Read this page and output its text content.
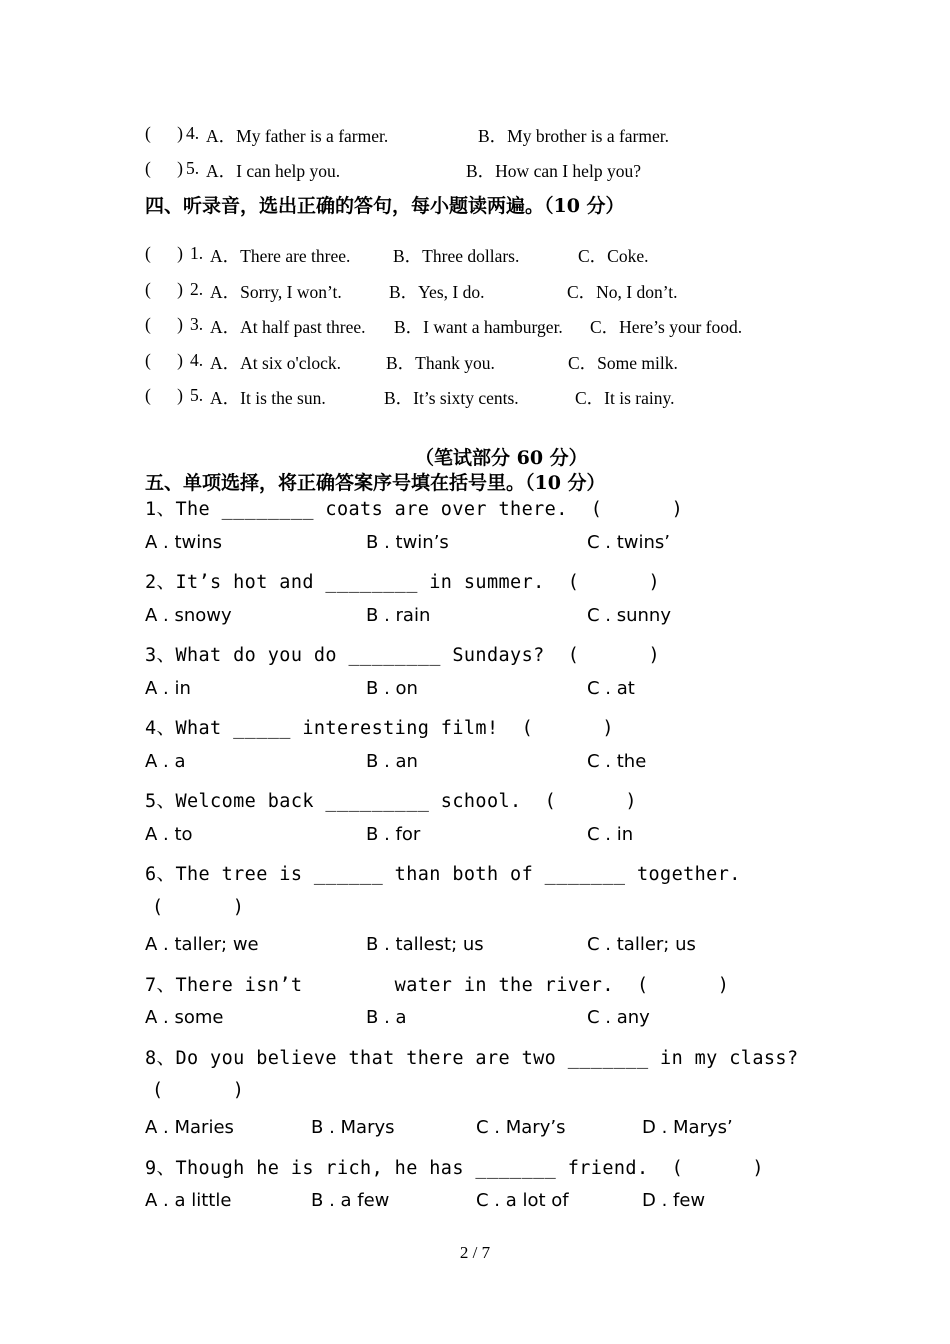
(      ) 4. A．My father is a farmer.	B．My brother is a farmer.
(      ) 5. A．I can help you.	B．How can I help you?
四、听录音，选出正确的答句，每小题读两遍。（10 分）
(      ) 1. A．There are three. B．Three dollars.	C．Coke.
(      ) 2. A．Sorry, I won’t.	B．Yes, I do.	C．No, I don’t.
(      ) 3. A．At half past three. B．I want a hamburger. C．Here’s your food.
(      ) 4. A．At six o'clock.	B．Thank you.	C．Some milk.
(      ) 5. A．It is the sun.	B．It’s sixty cents.	C．It is rainy.
（笔试部分 60 分）
五、单项选择，将正确答案序号填在括号里。（10 分）
1、The ________ coats are over there.  (      )
A . twins	B . twin’s	C . twins’
2、It’s hot and ________ in summer.  (      )
A . snowy	B . rain	C . sunny
3、What do you do ________ Sundays?  (      )
A . in	B . on	C . at
4、What _____ interesting film!  (      )
A . a	B . an	C . the
5、Welcome back _________ school.  (      )
A . to	B . for	C . in
6、The tree is ______ than both of _______ together.
(      )
A . taller; we	B . tallest; us	C . taller; us
7、There isn’t        water in the river.  (      )
A . some	B . a	C . any
8、Do you believe that there are two _______ in my class?
(      )
A . Maries	B . Marys	C . Mary’s	D . Marys’
9、Though he is rich, he has _______ friend.  (      )
A . a little	B . a few	C . a lot of	D . few
2 / 7
